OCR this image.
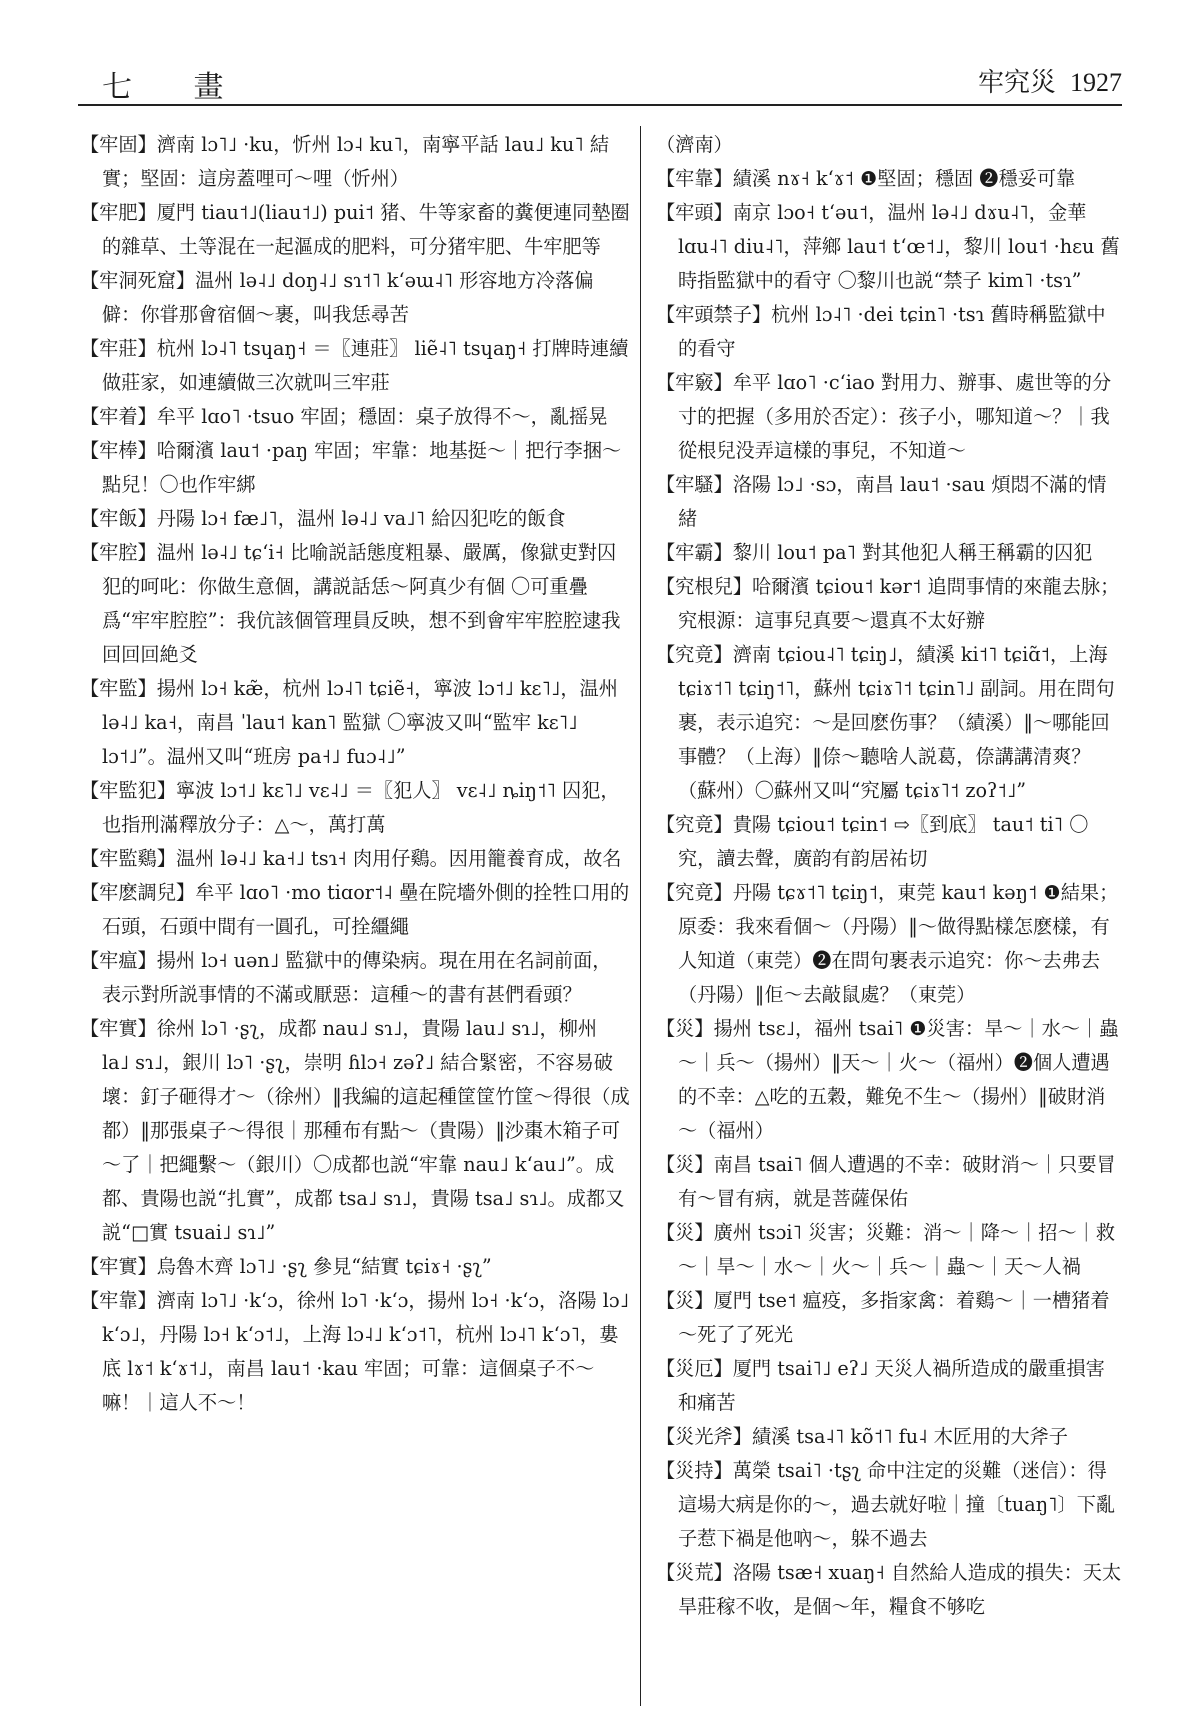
七 畫	牢究災 1927

【牢固】濟南 lɔ˥˩ ·ku，忻州 lɔ˨ ku˥，南寧平話 lau˩ ku˥ 結實；堅固：這房蓋哩可～哩（忻州）

【牢肥】厦門 tiau˦˩(liau˦˩) pui˦ 猪、牛等家畜的糞便連同墊圈的雜草、土等混在一起漚成的肥料，可分猪牢肥、牛牢肥等

【牢洞死窟】温州 lə˨˩ doŋ˨˩ sɿ˦˥ kʻəɯ˨˥ 形容地方冷落偏僻：你甞那會宿個～裹，叫我恁尋苦

【牢莊】杭州 lɔ˨˥ tsɥaŋ˧ ＝〖連莊〗 liẽ˨˥ tsɥaŋ˧ 打牌時連續做莊家，如連續做三次就叫三牢莊

【牢着】牟平 lɑo˥ ·tsuo 牢固；穩固：桌子放得不～，亂摇晃

【牢棒】哈爾濱 lau˦ ·paŋ 牢固；牢靠：地基挺～｜把行李捆～點兒！〇也作牢綁

【牢飯】丹陽 lɔ˧ fæ˩˥，温州 lə˨˩ va˩˥ 給囚犯吃的飯食

【牢腔】温州 lə˨˩ tɕʻi˧ 比喻説話態度粗暴、嚴厲，像獄吏對囚犯的呵叱：你做生意個，講説話恁～阿真少有個 〇可重疊爲“牢牢腔腔”：我伉該個管理員反映，想不到會牢牢腔腔逮我回回回絶爻

【牢監】揚州 lɔ˧ kæ̃，杭州 lɔ˨˥ tɕiẽ˧，寧波 lɔ˦˩ kɛ˥˩，温州 lə˨˩ ka˧，南昌 ˈlau˦ kan˥ 監獄 〇寧波又叫“監牢 kɛ˥˩ lɔ˦˩”。温州又叫“班房 pa˧˩ fuɔ˨˩”

【牢監犯】寧波 lɔ˦˩ kɛ˥˩ vɛ˨˩ ＝〖犯人〗 vɛ˨˩ ȵiŋ˦˥ 囚犯，也指刑滿釋放分子：△～，萬打萬

【牢監鷄】温州 lə˨˩ ka˧˩ tsɿ˧ 肉用仔鷄。因用籠養育成，故名

【牢麽調兒】牟平 lɑo˥ ·mo tiɑor˦˨ 壘在院墻外側的拴牲口用的石頭，石頭中間有一圓孔，可拴繮繩

【牢瘟】揚州 lɔ˧ uən˩ 監獄中的傳染病。現在用在名詞前面，表示對所説事情的不滿或厭惡：這種～的書有甚們看頭？

【牢實】徐州 lɔ˥ ·ʂʅ，成都 nau˩ sɿ˩，貴陽 lau˩ sɿ˩，柳州 la˩ sɿ˩，銀川 lɔ˥ ·ʂʅ，崇明 ɦlɔ˧ zəʔ˩ 結合緊密，不容易破壞：釘子砸得才～（徐州）‖我編的這起種筐筐竹筐～得很（成都）‖那張桌子～得很｜那種布有點～（貴陽）‖沙棗木箱子可～了｜把繩繫～（銀川）〇成都也説“牢靠 nau˩ kʻau˩”。成都、貴陽也説“扎實”，成都 tsa˩ sɿ˩，貴陽 tsa˩ sɿ˩。成都又説“□實 tsuai˩ sɿ˩”

【牢實】烏魯木齊 lɔ˥˩ ·ʂʅ 參見“結實 tɕiɤ˧ ·ʂʅ”

【牢靠】濟南 lɔ˥˩ ·kʻɔ，徐州 lɔ˥ ·kʻɔ，揚州 lɔ˧ ·kʻɔ，洛陽 lɔ˩ kʻɔ˩，丹陽 lɔ˧ kʻɔ˦˩，上海 lɔ˨˩ kʻɔ˦˥，杭州 lɔ˨˥ kʻɔ˥，婁底 lɤ˦ kʻɤ˦˩，南昌 lau˦ ·kau 牢固；可靠：這個桌子不～嘛！｜這人不～！

（濟南）

【牢靠】績溪 nɤ˧ kʻɤ˦ ❶堅固；穩固 ❷穩妥可靠

【牢頭】南京 lɔo˧ tʻəu˦，温州 lə˨˩ dɤu˨˥，金華 lɑu˨˥ diu˨˥，萍鄉 lau˦ tʻœ˦˩，黎川 lou˦ ·hɛu 舊時指監獄中的看守 〇黎川也説“禁子 kim˥ ·tsɿ”

【牢頭禁子】杭州 lɔ˨˥ ·dei tɕin˥ ·tsɿ 舊時稱監獄中的看守

【牢竅】牟平 lɑo˥ ·cʻiao 對用力、辦事、處世等的分寸的把握（多用於否定）：孩子小，哪知道～？｜我從根兒没弄這樣的事兒，不知道～

【牢騷】洛陽 lɔ˩ ·sɔ，南昌 lau˦ ·sau 煩悶不滿的情緒

【牢霸】黎川 lou˦ pa˥ 對其他犯人稱王稱霸的囚犯

【究根兒】哈爾濱 tɕiou˦ kər˦ 追問事情的來龍去脉；究根源：這事兒真要～還真不太好辦

【究竟】濟南 tɕiou˨˥ tɕiŋ˩，績溪 ki˦˥ tɕiɑ̃˦，上海 tɕiɤ˦˥ tɕiŋ˦˥，蘇州 tɕiɤ˥˦ tɕin˥˩ 副詞。用在問句裹，表示追究：～是回麽伤事？（績溪）‖～哪能回事體？（上海）‖倷～聽啥人説葛，倷講講清爽？（蘇州）〇蘇州又叫“究屬 tɕiɤ˥˦ zoʔ˦˩”

【究竟】貴陽 tɕiou˦ tɕin˦ ⇨〖到底〗 tau˦ ti˥ 〇究，讀去聲，廣韵有韵居祐切

【究竟】丹陽 tɕɤ˦˥ tɕiŋ˦，東莞 kau˦ kəŋ˦ ❶結果；原委：我來看個～（丹陽）‖～做得點樣怎麽樣，有人知道（東莞）❷在問句裹表示追究：你～去弗去（丹陽）‖佢～去敲鼠處？（東莞）

【災】揚州 tsɛ˩，福州 tsai˥ ❶災害：旱～｜水～｜蟲～｜兵～（揚州）‖天～｜火～（福州）❷個人遭遇的不幸：△吃的五穀，難免不生～（揚州）‖破財消～（福州）

【災】南昌 tsai˥ 個人遭遇的不幸：破財消～｜只要冒有～冒有病，就是菩薩保佑

【災】廣州 tsɔi˥ 災害；災難：消～｜降～｜招～｜救～｜旱～｜水～｜火～｜兵～｜蟲～｜天～人禍

【災】厦門 tse˦ 瘟疫，多指家禽：着鷄～｜一槽猪着～死了了死光

【災厄】厦門 tsai˥˩ eʔ˩ 天災人禍所造成的嚴重損害和痛苦

【災光斧】績溪 tsa˨˥ kõ˦˥ fu˨ 木匠用的大斧子

【災持】萬榮 tsai˥ ·tʂʅ 命中注定的災難（迷信）：得這場大病是你的～，過去就好啦｜撞〔tuaŋ˥〕下亂子惹下禍是他吶～，躲不過去

【災荒】洛陽 tsæ˧ xuaŋ˧ 自然給人造成的損失：天太旱莊稼不收，是個～年，糧食不够吃
